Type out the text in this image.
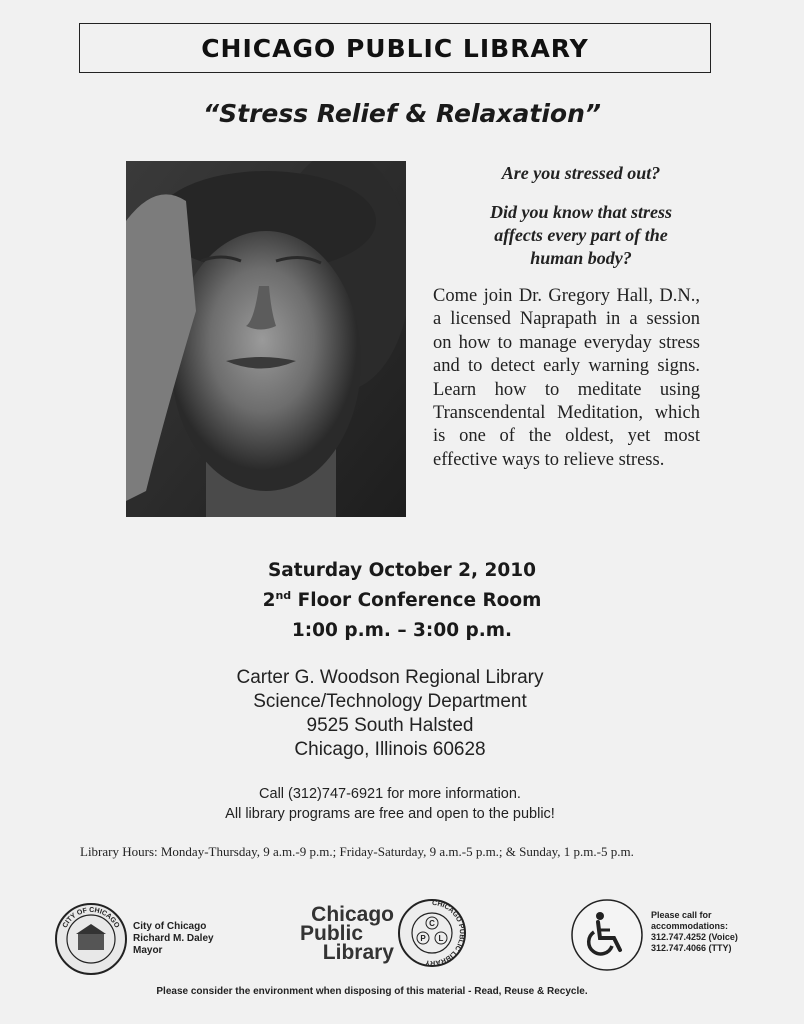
CHICAGO PUBLIC LIBRARY
“Stress Relief & Relaxation”
Are you stressed out?
Did you know that stress
affects every part of the
human body?
Come join Dr. Gregory Hall, D.N., a licensed Naprapath in a session on how to manage everyday stress and to detect early warning signs. Learn how to meditate using Transcendental Meditation, which is one of the oldest, yet most effective ways to relieve stress.
Saturday October 2, 2010
2nd Floor Conference Room
1:00 p.m. – 3:00 p.m.
Carter G. Woodson Regional Library
Science/Technology Department
9525 South Halsted
Chicago, Illinois 60628
Call (312)747-6921 for more information.
All library programs are free and open to the public!
Library Hours: Monday-Thursday, 9 a.m.-9 p.m.; Friday-Saturday, 9 a.m.-5 p.m.; & Sunday, 1 p.m.-5 p.m.
CITY OF CHICAGO City of Chicago
Richard M. Daley
Mayor
Chicago
Public
Library
CHICAGO PUBLIC LIBRARY
C
P L
Please call for
accommodations:
312.747.4252 (Voice)
312.747.4066 (TTY)
Please consider the environment when disposing of this material - Read, Reuse & Recycle.
